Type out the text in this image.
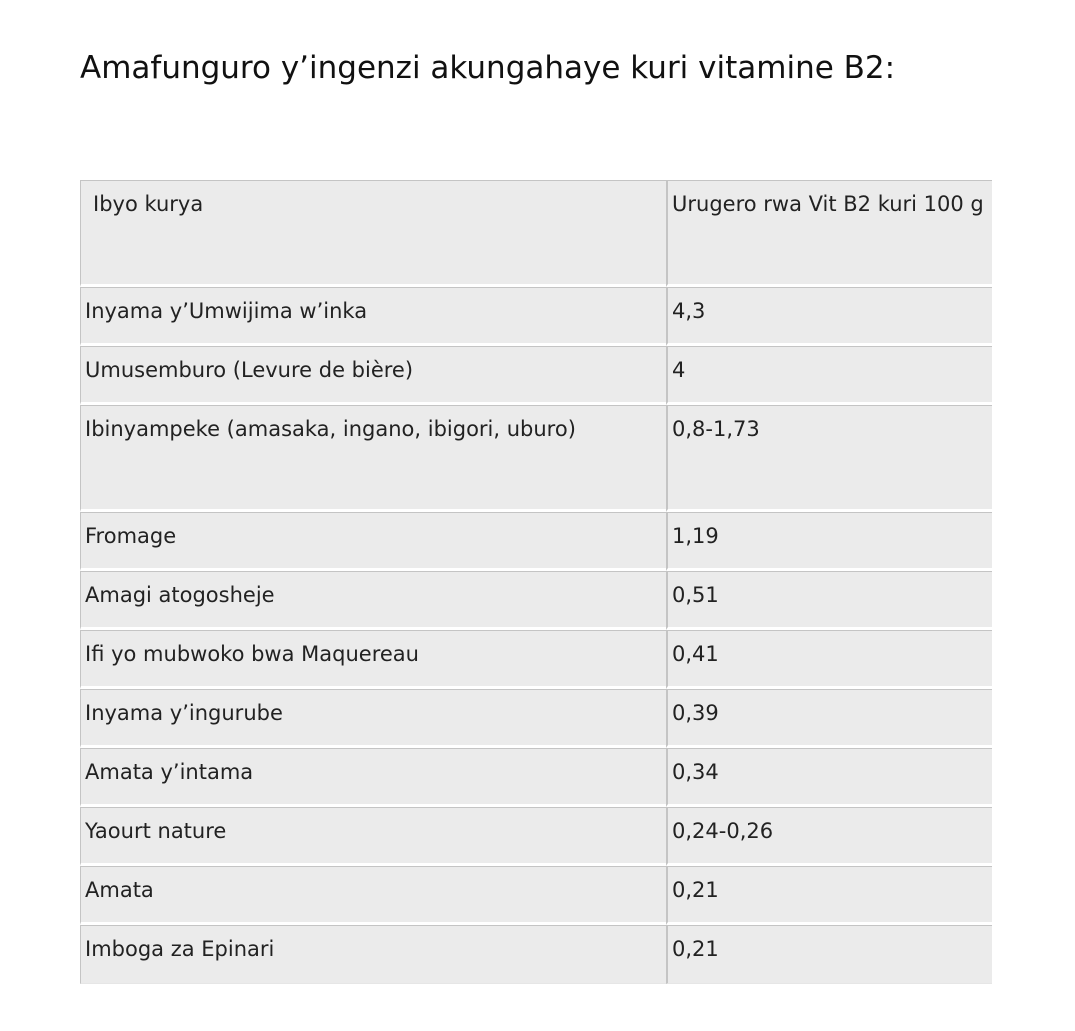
Amafunguro y’ingenzi akungahaye kuri vitamine B2:
Ibyo kurya	Urugero rwa Vit B2 kuri 100 g
Inyama y’Umwijima w’inka	4,3
Umusemburo (Levure de bière)	4
Ibinyampeke (amasaka, ingano, ibigori, uburo)	0,8-1,73
Fromage	1,19
Amagi atogosheje	0,51
Ifi yo mubwoko bwa Maquereau	0,41
Inyama y’ingurube	0,39
Amata y’intama	0,34
Yaourt nature	0,24-0,26
Amata	0,21
Imboga za Epinari	0,21
